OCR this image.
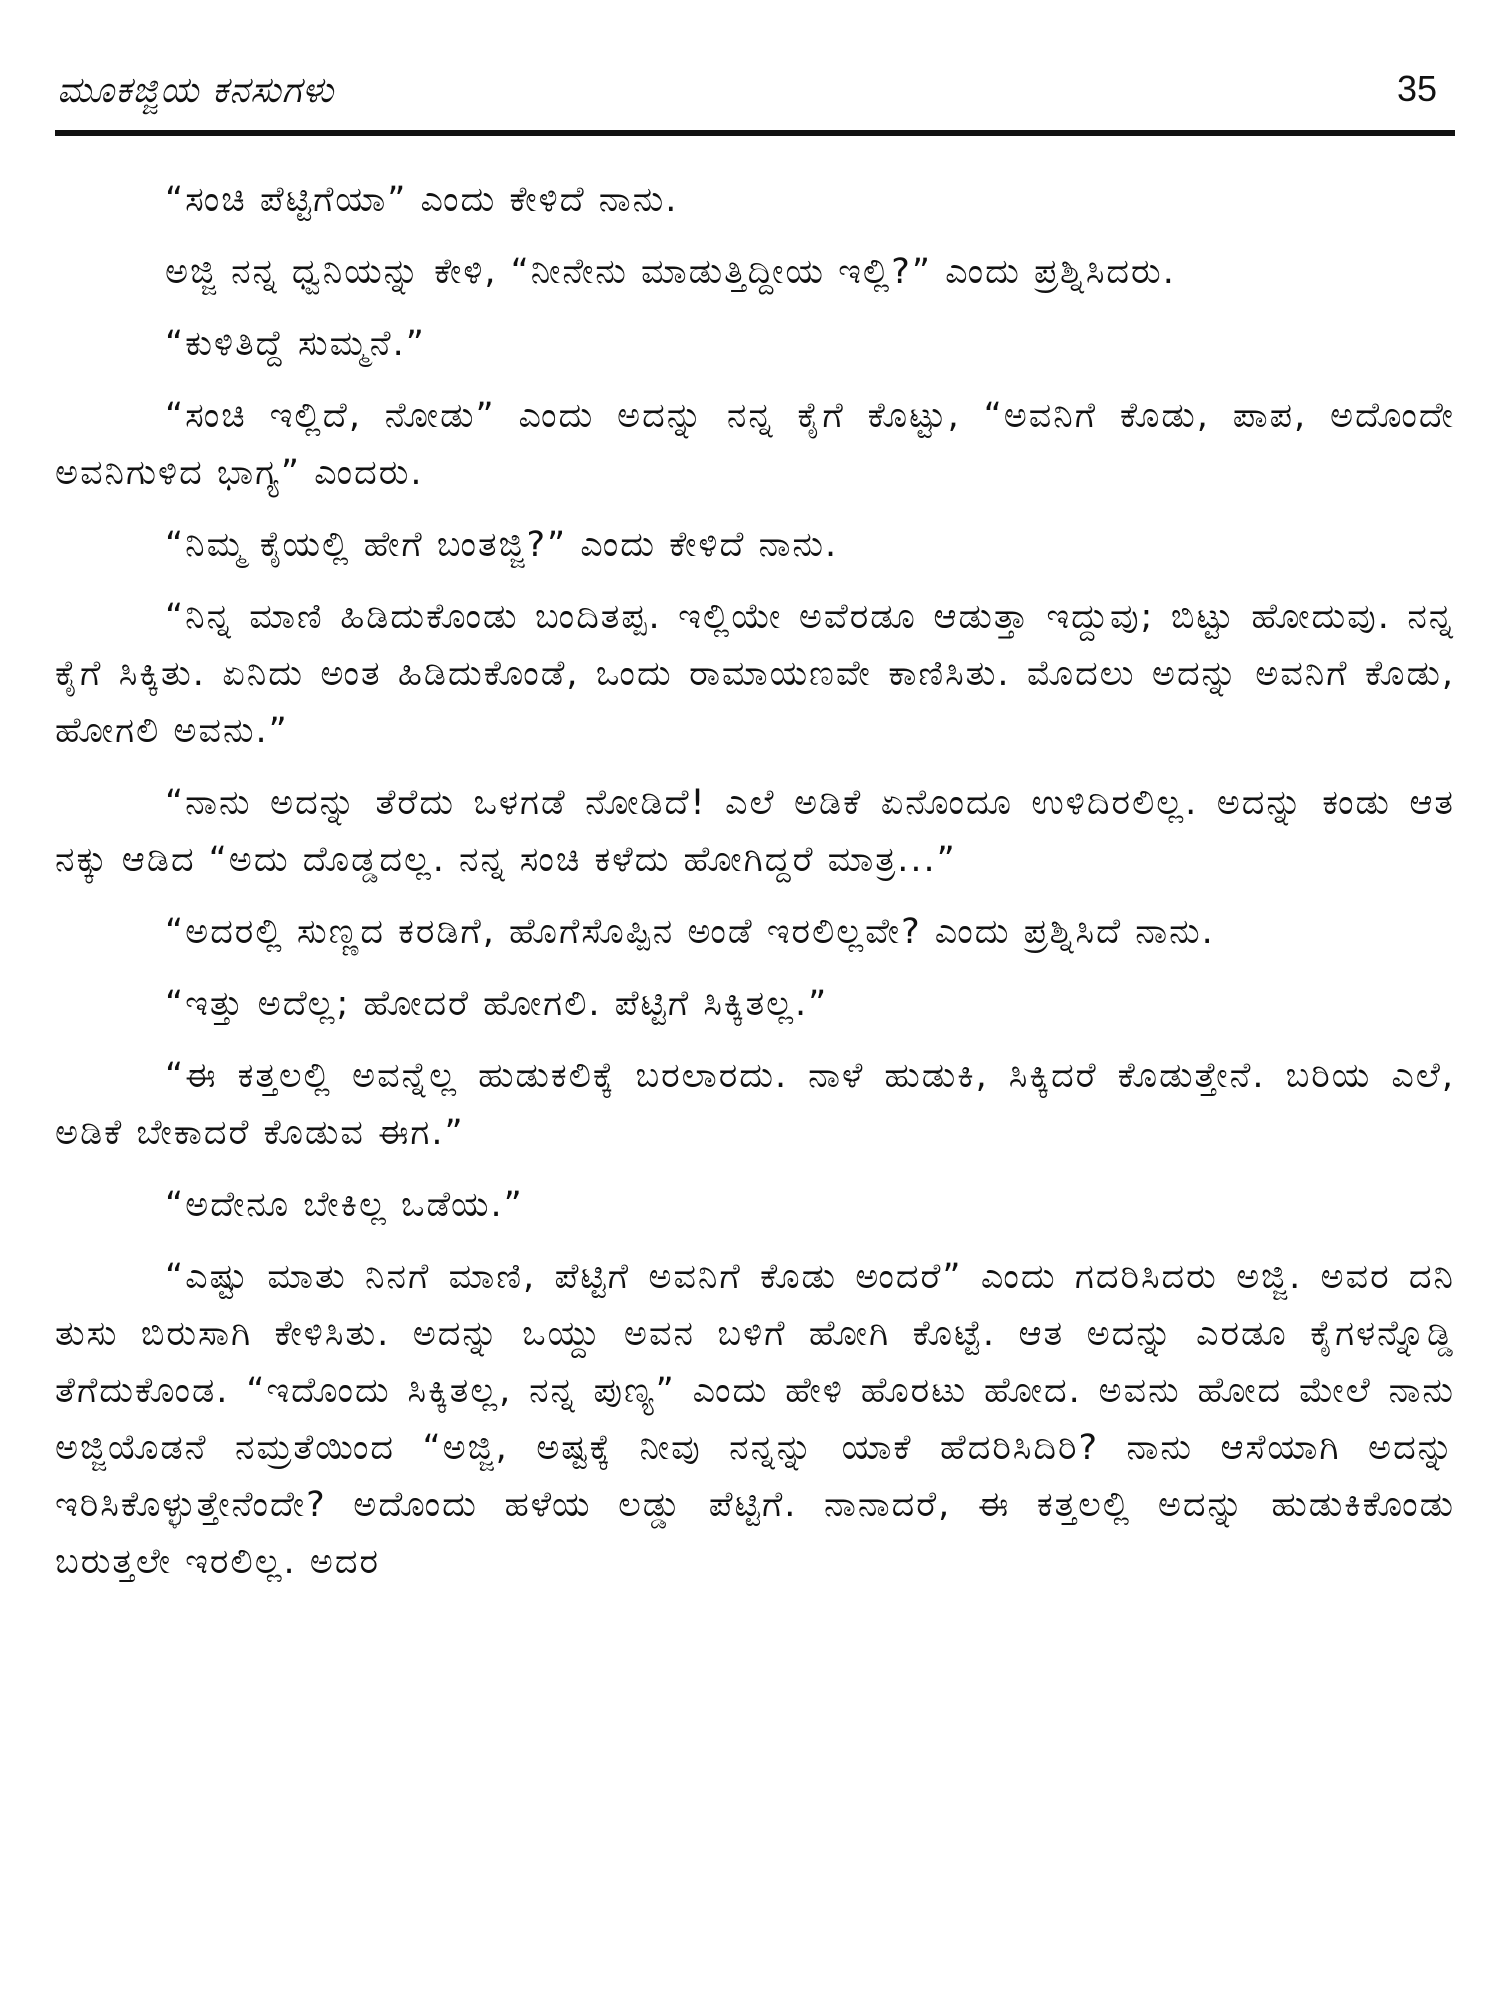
ಮೂಕಜ್ಜಿಯ ಕನಸುಗಳು	35

“ಸಂಚಿ ಪೆಟ್ಟಿಗೆಯಾ” ಎಂದು ಕೇಳಿದೆ ನಾನು.

ಅಜ್ಜಿ ನನ್ನ ಧ್ವನಿಯನ್ನು ಕೇಳಿ, “ನೀನೇನು ಮಾಡುತ್ತಿದ್ದೀಯ ಇಲ್ಲಿ?” ಎಂದು ಪ್ರಶ್ನಿಸಿದರು.

“ಕುಳಿತಿದ್ದೆ ಸುಮ್ಮನೆ.”

“ಸಂಚಿ ಇಲ್ಲಿದೆ, ನೋಡು” ಎಂದು ಅದನ್ನು ನನ್ನ ಕೈಗೆ ಕೊಟ್ಟು, “ಅವನಿಗೆ ಕೊಡು, ಪಾಪ, ಅದೊಂದೇ ಅವನಿಗುಳಿದ ಭಾಗ್ಯ” ಎಂದರು.

“ನಿಮ್ಮ ಕೈಯಲ್ಲಿ ಹೇಗೆ ಬಂತಜ್ಜಿ?” ಎಂದು ಕೇಳಿದೆ ನಾನು.

“ನಿನ್ನ ಮಾಣಿ ಹಿಡಿದುಕೊಂಡು ಬಂದಿತಪ್ಪ. ಇಲ್ಲಿಯೇ ಅವೆರಡೂ ಆಡುತ್ತಾ ಇದ್ದುವು; ಬಿಟ್ಟು ಹೋದುವು. ನನ್ನ ಕೈಗೆ ಸಿಕ್ಕಿತು. ಏನಿದು ಅಂತ ಹಿಡಿದುಕೊಂಡೆ, ಒಂದು ರಾಮಾಯಣವೇ ಕಾಣಿಸಿತು. ಮೊದಲು ಅದನ್ನು ಅವನಿಗೆ ಕೊಡು, ಹೋಗಲಿ ಅವನು.”

“ನಾನು ಅದನ್ನು ತೆರೆದು ಒಳಗಡೆ ನೋಡಿದೆ! ಎಲೆ ಅಡಿಕೆ ಏನೊಂದೂ ಉಳಿದಿರಲಿಲ್ಲ. ಅದನ್ನು ಕಂಡು ಆತ ನಕ್ಕು ಆಡಿದ “ಅದು ದೊಡ್ಡದಲ್ಲ. ನನ್ನ ಸಂಚಿ ಕಳೆದು ಹೋಗಿದ್ದರೆ ಮಾತ್ರ...”

“ಅದರಲ್ಲಿ ಸುಣ್ಣದ ಕರಡಿಗೆ, ಹೊಗೆಸೊಪ್ಪಿನ ಅಂಡೆ ಇರಲಿಲ್ಲವೇ? ಎಂದು ಪ್ರಶ್ನಿಸಿದೆ ನಾನು.

“ಇತ್ತು ಅದೆಲ್ಲ; ಹೋದರೆ ಹೋಗಲಿ. ಪೆಟ್ಟಿಗೆ ಸಿಕ್ಕಿತಲ್ಲ.”

“ಈ ಕತ್ತಲಲ್ಲಿ ಅವನ್ನೆಲ್ಲ ಹುಡುಕಲಿಕ್ಕೆ ಬರಲಾರದು. ನಾಳೆ ಹುಡುಕಿ, ಸಿಕ್ಕಿದರೆ ಕೊಡುತ್ತೇನೆ. ಬರಿಯ ಎಲೆ, ಅಡಿಕೆ ಬೇಕಾದರೆ ಕೊಡುವ ಈಗ.”

“ಅದೇನೂ ಬೇಕಿಲ್ಲ ಒಡೆಯ.”

“ಎಷ್ಟು ಮಾತು ನಿನಗೆ ಮಾಣಿ, ಪೆಟ್ಟಿಗೆ ಅವನಿಗೆ ಕೊಡು ಅಂದರೆ” ಎಂದು ಗದರಿಸಿದರು ಅಜ್ಜಿ. ಅವರ ದನಿ ತುಸು ಬಿರುಸಾಗಿ ಕೇಳಿಸಿತು. ಅದನ್ನು ಒಯ್ದು ಅವನ ಬಳಿಗೆ ಹೋಗಿ ಕೊಟ್ಟೆ. ಆತ ಅದನ್ನು ಎರಡೂ ಕೈಗಳನ್ನೊಡ್ಡಿ ತೆಗೆದುಕೊಂಡ. “ಇದೊಂದು ಸಿಕ್ಕಿತಲ್ಲ, ನನ್ನ ಪುಣ್ಯ” ಎಂದು ಹೇಳಿ ಹೊರಟು ಹೋದ. ಅವನು ಹೋದ ಮೇಲೆ ನಾನು ಅಜ್ಜಿಯೊಡನೆ ನಮ್ರತೆಯಿಂದ “ಅಜ್ಜಿ, ಅಷ್ಟಕ್ಕೆ ನೀವು ನನ್ನನ್ನು ಯಾಕೆ ಹೆದರಿಸಿದಿರಿ? ನಾನು ಆಸೆಯಾಗಿ ಅದನ್ನು ಇರಿಸಿಕೊಳ್ಳುತ್ತೇನೆಂದೇ? ಅದೊಂದು ಹಳೆಯ ಲಡ್ಡು ಪೆಟ್ಟಿಗೆ. ನಾನಾದರೆ, ಈ ಕತ್ತಲಲ್ಲಿ ಅದನ್ನು ಹುಡುಕಿಕೊಂಡು ಬರುತ್ತಲೇ ಇರಲಿಲ್ಲ. ಅದರ
